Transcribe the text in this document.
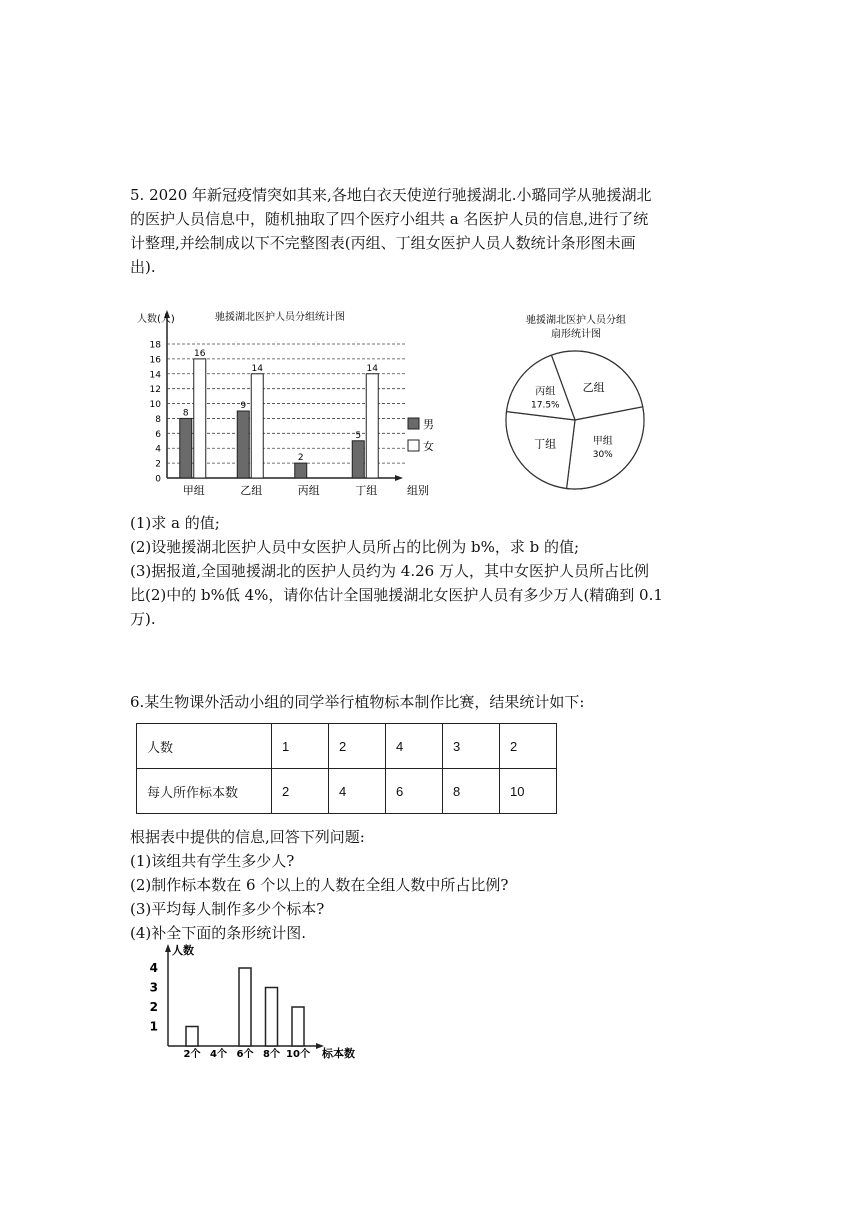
5. 2020 年新冠疫情突如其来,各地白衣天使逆行驰援湖北.小璐同学从驰援湖北
的医护人员信息中，随机抽取了四个医疗小组共 a 名医护人员的信息,进行了统
计整理,并绘制成以下不完整图表(丙组、丁组女医护人员人数统计条形图未画
出).
人数(人)	驰援湖北医护人员分组统计图
组别
8
16
9
14
2
5
14
男
女
0
2
4
6
8
10
12
14
16
18
甲组	乙组	丙组	丁组
驰援湖北医护人员分组
扇形统计图
乙组
甲组
30%
丁组
丙组
17.5%
(1)求 a 的值;
(2)设驰援湖北医护人员中女医护人员所占的比例为 b%，求 b 的值;
(3)据报道,全国驰援湖北的医护人员约为 4.26 万人，其中女医护人员所占比例
比(2)中的 b%低 4%，请你估计全国驰援湖北女医护人员有多少万人(精确到 0.1
万).
6.某生物课外活动小组的同学举行植物标本制作比赛，结果统计如下:
人数	1	2	4	3	2
每人所作标本数	2	4	6	8	10
根据表中提供的信息,回答下列问题:
(1)该组共有学生多少人?
(2)制作标本数在 6 个以上的人数在全组人数中所占比例?
(3)平均每人制作多少个标本?
(4)补全下面的条形统计图.
人数
标本数
1
2
3
4
2个 4个 6个 8个 10个
